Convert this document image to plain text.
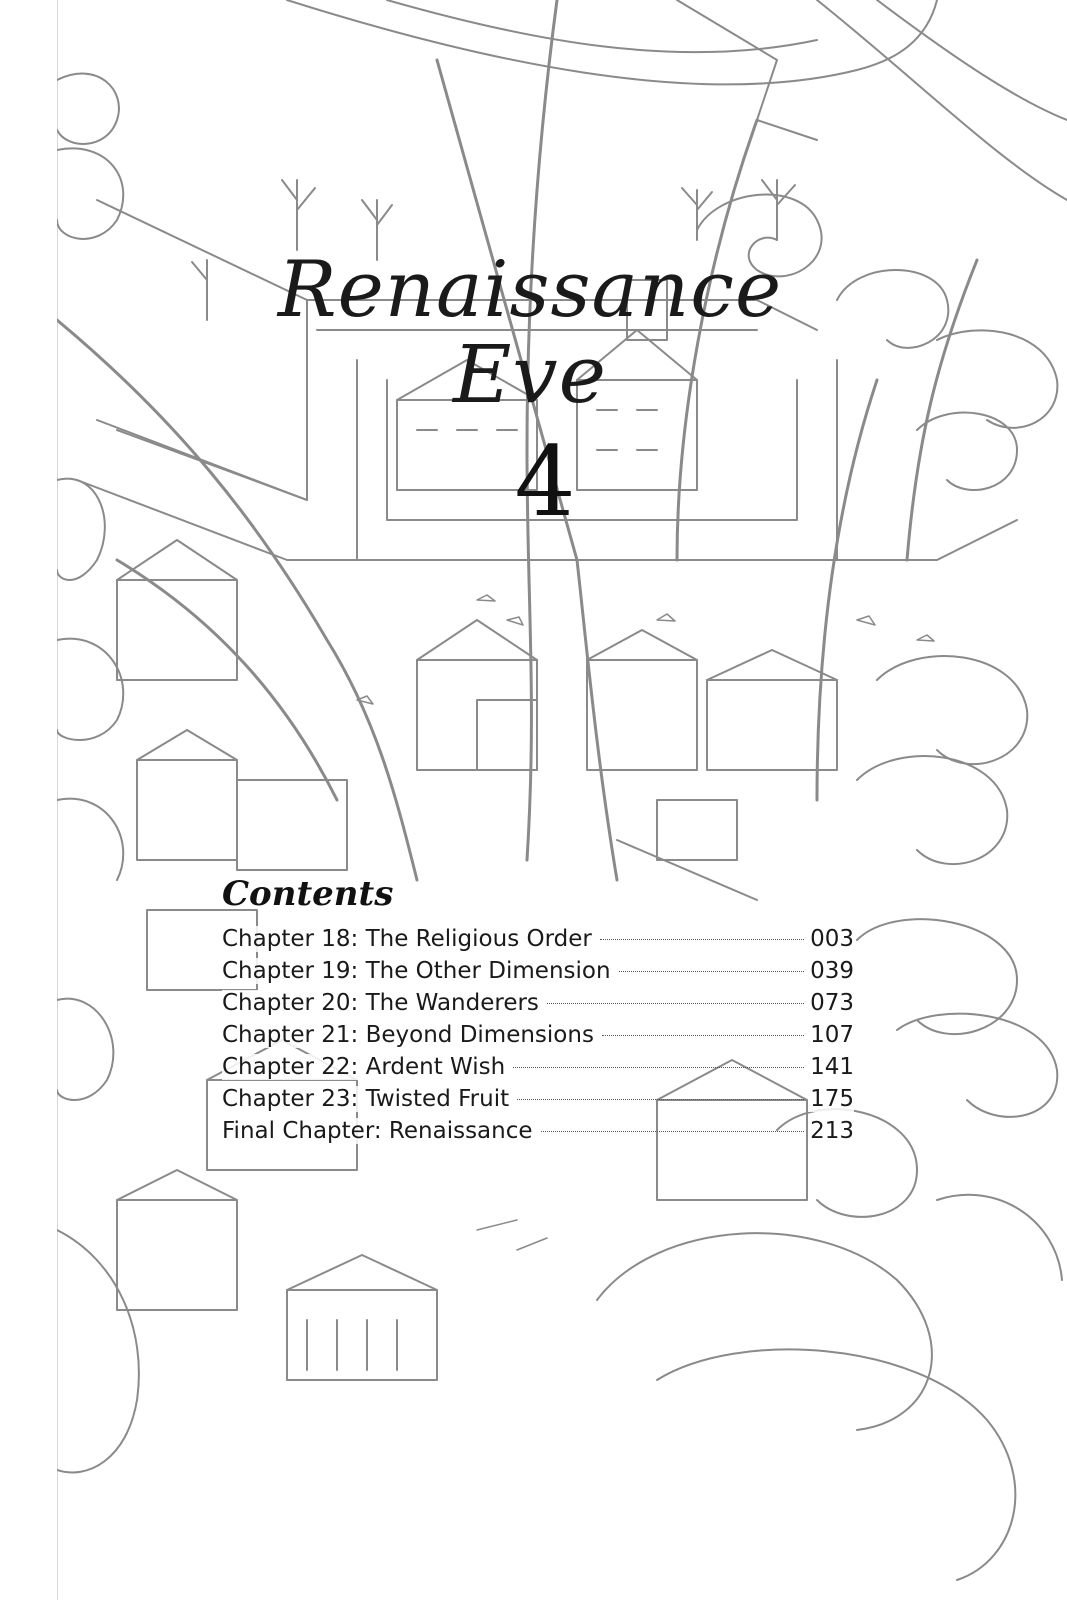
Renaissance
Eve
4
Contents
Chapter 18: The Religious Order	003
Chapter 19: The Other Dimension	039
Chapter 20: The Wanderers	073
Chapter 21: Beyond Dimensions	107
Chapter 22: Ardent Wish	141
Chapter 23: Twisted Fruit	175
Final Chapter: Renaissance	213
